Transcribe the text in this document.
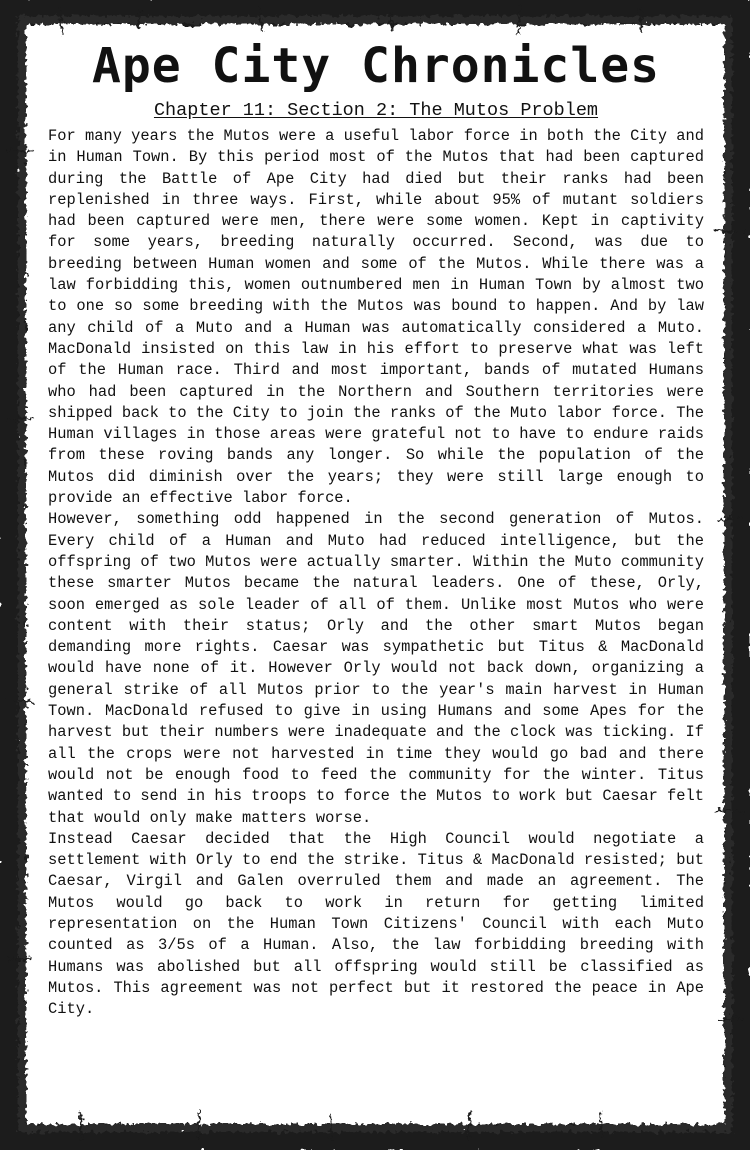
Ape City Chronicles
Chapter 11: Section 2: The Mutos Problem

For many years the Mutos were a useful labor force in both the City and in Human Town. By this period most of the Mutos that had been captured during the Battle of Ape City had died but their ranks had been replenished in three ways. First, while about 95% of mutant soldiers had been captured were men, there were some women. Kept in captivity for some years, breeding naturally occurred. Second, was due to breeding between Human women and some of the Mutos. While there was a law forbidding this, women outnumbered men in Human Town by almost two to one so some breeding with the Mutos was bound to happen. And by law any child of a Muto and a Human was automatically considered a Muto. MacDonald insisted on this law in his effort to preserve what was left of the Human race. Third and most important, bands of mutated Humans who had been captured in the Northern and Southern territories were shipped back to the City to join the ranks of the Muto labor force. The Human villages in those areas were grateful not to have to endure raids from these roving bands any longer. So while the population of the Mutos did diminish over the years; they were still large enough to provide an effective labor force.

However, something odd happened in the second generation of Mutos. Every child of a Human and Muto had reduced intelligence, but the offspring of two Mutos were actually smarter. Within the Muto community these smarter Mutos became the natural leaders. One of these, Orly, soon emerged as sole leader of all of them. Unlike most Mutos who were content with their status; Orly and the other smart Mutos began demanding more rights. Caesar was sympathetic but Titus & MacDonald would have none of it. However Orly would not back down, organizing a general strike of all Mutos prior to the year's main harvest in Human Town. MacDonald refused to give in using Humans and some Apes for the harvest but their numbers were inadequate and the clock was ticking. If all the crops were not harvested in time they would go bad and there would not be enough food to feed the community for the winter. Titus wanted to send in his troops to force the Mutos to work but Caesar felt that would only make matters worse.

Instead Caesar decided that the High Council would negotiate a settlement with Orly to end the strike. Titus & MacDonald resisted; but Caesar, Virgil and Galen overruled them and made an agreement. The Mutos would go back to work in return for getting limited representation on the Human Town Citizens' Council with each Muto counted as 3/5s of a Human. Also, the law forbidding breeding with Humans was abolished but all offspring would still be classified as Mutos. This agreement was not perfect but it restored the peace in Ape City.
